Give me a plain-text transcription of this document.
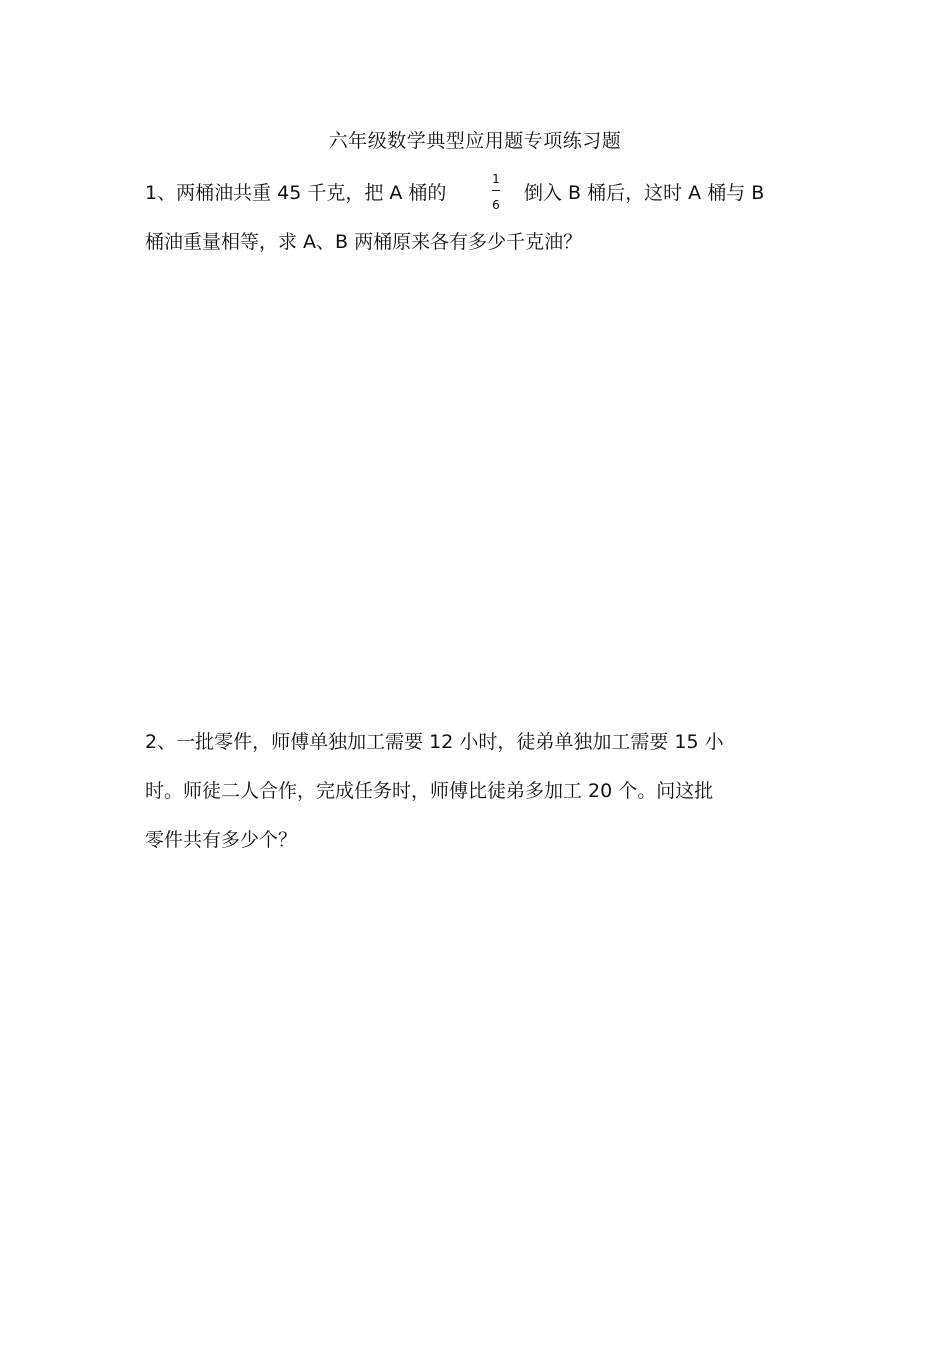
六年级数学典型应用题专项练习题
1、两桶油共重 45 千克，把 A 桶的
1
6
倒入 B 桶后，这时 A 桶与 B
桶油重量相等，求 A、B 两桶原来各有多少千克油？
2、一批零件，师傅单独加工需要 12 小时，徒弟单独加工需要 15 小
时。师徒二人合作，完成任务时，师傅比徒弟多加工 20 个。问这批
零件共有多少个？
